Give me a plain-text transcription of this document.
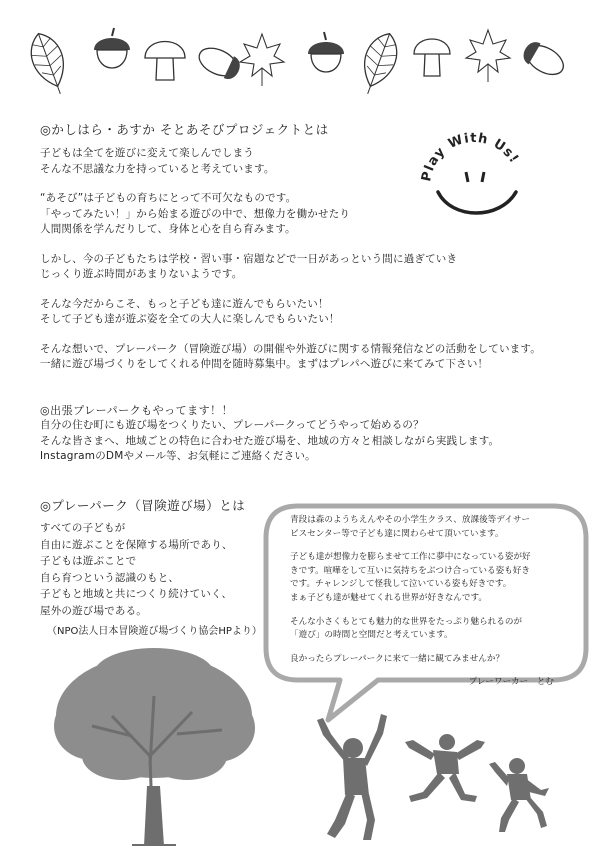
◎かしはら・あすか そとあそびプロジェクトとは

子どもは全てを遊びに変えて楽しんでしまう

そんな不思議な力を持っていると考えています。

“あそび”は子どもの育ちにとって不可欠なものです。

「やってみたい！」から始まる遊びの中で、想像力を働かせたり

人間関係を学んだりして、身体と心を自ら育みます。

しかし、今の子どもたちは学校・習い事・宿題などで一日があっという間に過ぎていき

じっくり遊ぶ時間があまりないようです。

そんな今だからこそ、もっと子ども達に遊んでもらいたい！

そして子ども達が遊ぶ姿を全ての大人に楽しんでもらいたい！

そんな想いで、プレーパーク（冒険遊び場）の開催や外遊びに関する情報発信などの活動をしています。

一緒に遊び場づくりをしてくれる仲間を随時募集中。まずはプレパへ遊びに来てみて下さい！

Play With Us!
◎出張プレーパークもやってます！！

自分の住む町にも遊び場をつくりたい、プレーパークってどうやって始めるの？

そんな皆さまへ、地域ごとの特色に合わせた遊び場を、地域の方々と相談しながら実践します。

InstagramのDMやメール等、お気軽にご連絡ください。

◎プレーパーク（冒険遊び場）とは

すべての子どもが

自由に遊ぶことを保障する場所であり、

子どもは遊ぶことで

自ら育つという認識のもと、

子どもと地域と共につくり続けていく、

屋外の遊び場である。

（NPO法人日本冒険遊び場づくり協会HPより）

青段は森のようちえんやその小学生クラス、放課後等デイサー

ビスセンター等で子ども達に関わらせて頂いています。

子ども達が想像力を膨らませて工作に夢中になっている姿が好

きです。喧嘩をして互いに気持ちをぶつけ合っている姿も好き

です。チャレンジして怪我して泣いている姿も好きです。

まぁ子ども達が魅せてくれる世界が好きなんです。

そんな小さくもとても魅力的な世界をたっぷり魅られるのが

「遊び」の時間と空間だと考えています。

良かったらプレーパークに来て一緒に観てみませんか？

プレーワーカー　とむ
